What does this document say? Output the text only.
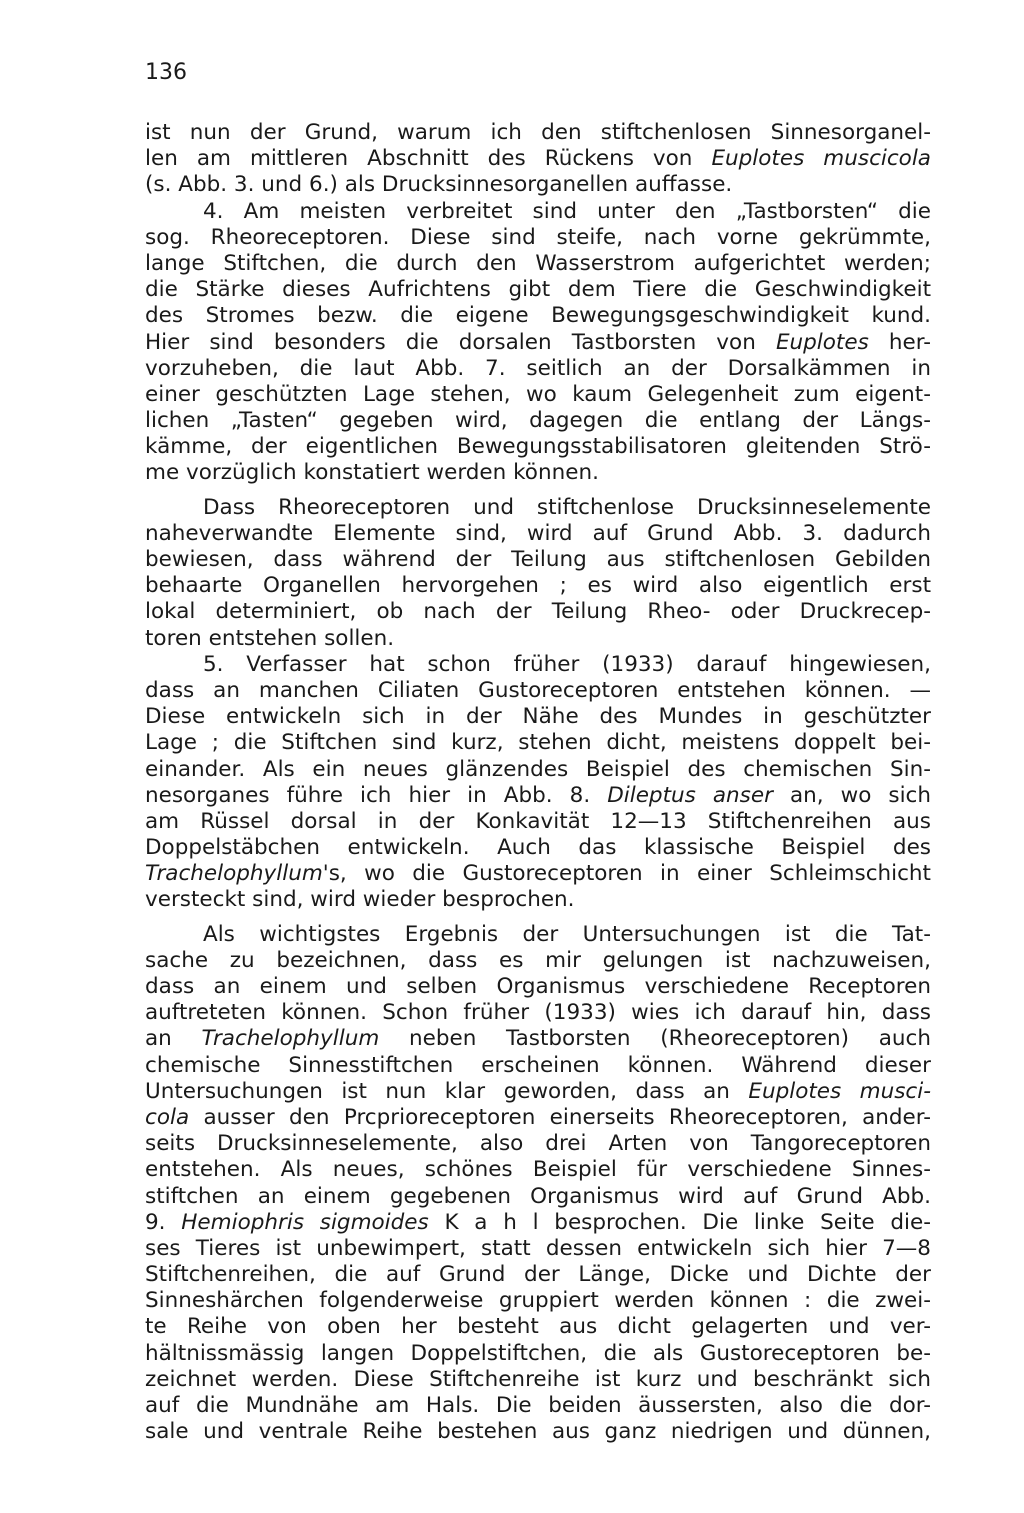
136

ist nun der Grund, warum ich den stiftchenlosen Sinnesorganel-
len am mittleren Abschnitt des Rückens von Euplotes muscicola
(s. Abb. 3. und 6.) als Drucksinnesorganellen auffasse.
4. Am meisten verbreitet sind unter den „Tastborsten“ die
sog. Rheoreceptoren. Diese sind steife, nach vorne gekrümmte,
lange Stiftchen, die durch den Wasserstrom aufgerichtet werden;
die Stärke dieses Aufrichtens gibt dem Tiere die Geschwindigkeit
des Stromes bezw. die eigene Bewegungsgeschwindigkeit kund.
Hier sind besonders die dorsalen Tastborsten von Euplotes her-
vorzuheben, die laut Abb. 7. seitlich an der Dorsalkämmen in
einer geschützten Lage stehen, wo kaum Gelegenheit zum eigent-
lichen „Tasten“ gegeben wird, dagegen die entlang der Längs-
kämme, der eigentlichen Bewegungsstabilisatoren gleitenden Strö-
me vorzüglich konstatiert werden können.
Dass Rheoreceptoren und stiftchenlose Drucksinneselemente
naheverwandte Elemente sind, wird auf Grund Abb. 3. dadurch
bewiesen, dass während der Teilung aus stiftchenlosen Gebilden
behaarte Organellen hervorgehen ; es wird also eigentlich erst
lokal determiniert, ob nach der Teilung Rheo- oder Druckrecep-
toren entstehen sollen.
5. Verfasser hat schon früher (1933) darauf hingewiesen,
dass an manchen Ciliaten Gustoreceptoren entstehen können. —
Diese entwickeln sich in der Nähe des Mundes in geschützter
Lage ; die Stiftchen sind kurz, stehen dicht, meistens doppelt bei-
einander. Als ein neues glänzendes Beispiel des chemischen Sin-
nesorganes führe ich hier in Abb. 8. Dileptus anser an, wo sich
am Rüssel dorsal in der Konkavität 12—13 Stiftchenreihen aus
Doppelstäbchen entwickeln. Auch das klassische Beispiel des
Trachelophyllum's, wo die Gustoreceptoren in einer Schleimschicht
versteckt sind, wird wieder besprochen.
Als wichtigstes Ergebnis der Untersuchungen ist die Tat-
sache zu bezeichnen, dass es mir gelungen ist nachzuweisen,
dass an einem und selben Organismus verschiedene Receptoren
auftreteten können. Schon früher (1933) wies ich darauf hin, dass
an Trachelophyllum neben Tastborsten (Rheoreceptoren) auch
chemische Sinnesstiftchen erscheinen können. Während dieser
Untersuchungen ist nun klar geworden, dass an Euplotes musci-
cola ausser den Prcprioreceptoren einerseits Rheoreceptoren, ander-
seits Drucksinneselemente, also drei Arten von Tangoreceptoren
entstehen. Als neues, schönes Beispiel für verschiedene Sinnes-
stiftchen an einem gegebenen Organismus wird auf Grund Abb.
9. Hemiophris sigmoides K a h l besprochen. Die linke Seite die-
ses Tieres ist unbewimpert, statt dessen entwickeln sich hier 7—8
Stiftchenreihen, die auf Grund der Länge, Dicke und Dichte der
Sinneshärchen folgenderweise gruppiert werden können : die zwei-
te Reihe von oben her besteht aus dicht gelagerten und ver-
hältnissmässig langen Doppelstiftchen, die als Gustoreceptoren be-
zeichnet werden. Diese Stiftchenreihe ist kurz und beschränkt sich
auf die Mundnähe am Hals. Die beiden äussersten, also die dor-
sale und ventrale Reihe bestehen aus ganz niedrigen und dünnen,
